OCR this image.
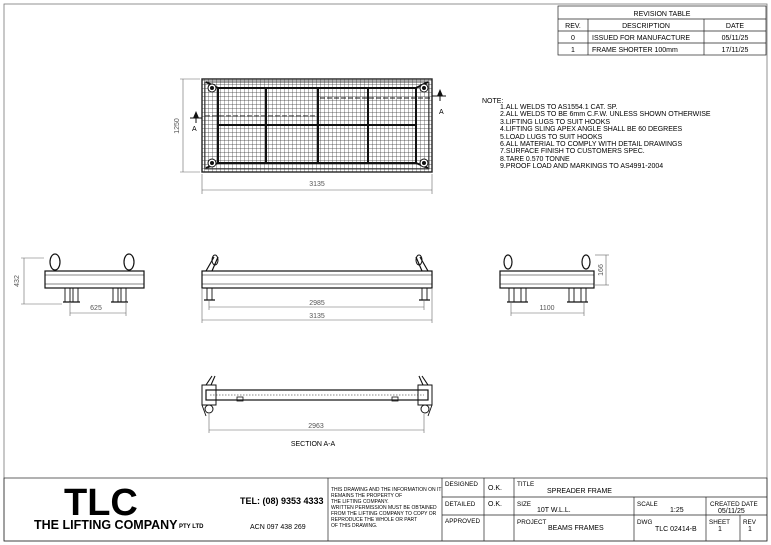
REVISION TABLE
REV.	DESCRIPTION	DATE
0 ISSUED FOR MANUFACTURE	05/11/25
1 FRAME SHORTER 100mm	17/11/25
NOTE:
1.ALL WELDS TO AS1554.1 CAT. SP.
2.ALL WELDS TO BE 6mm C.F.W. UNLESS SHOWN OTHERWISE
3.LIFTING LUGS TO SUIT HOOKS
4.LIFTING SLING APEX ANGLE SHALL BE 60 DEGREES
5.LOAD LUGS TO SUIT HOOKS
6.ALL MATERIAL TO COMPLY WITH DETAIL DRAWINGS
7.SURFACE FINISH TO CUSTOMERS SPEC.
8.TARE 0.570 TONNE
9.PROOF LOAD AND MARKINGS TO AS4991-2004
A
A
1250
3135
432
625
2985
3135
166
1100
2963
SECTION A-A
TLC
THE LIFTING COMPANY PTY LTD
TEL: (08) 9353 4333
ACN 097 438 269
THIS DRAWING AND THE INFORMATION ON IT
REMAINS THE PROPERTY OF
THE LIFTING COMPANY.
WRITTEN PERMISSION MUST BE OBTAINED
FROM THE LIFTING COMPANY TO COPY OR
REPRODUCE THE WHOLE OR PART
OF THIS DRAWING.
DESIGNED
O.K.
DETAILED O.K.
APPROVED
TITLE
SPREADER FRAME
SIZE
10T W.L.L.
SCALE
1:25
CREATED DATE
05/11/25
PROJECT
BEAMS FRAMES
DWG
TLC 02414-B
SHEET
1
REV
1
